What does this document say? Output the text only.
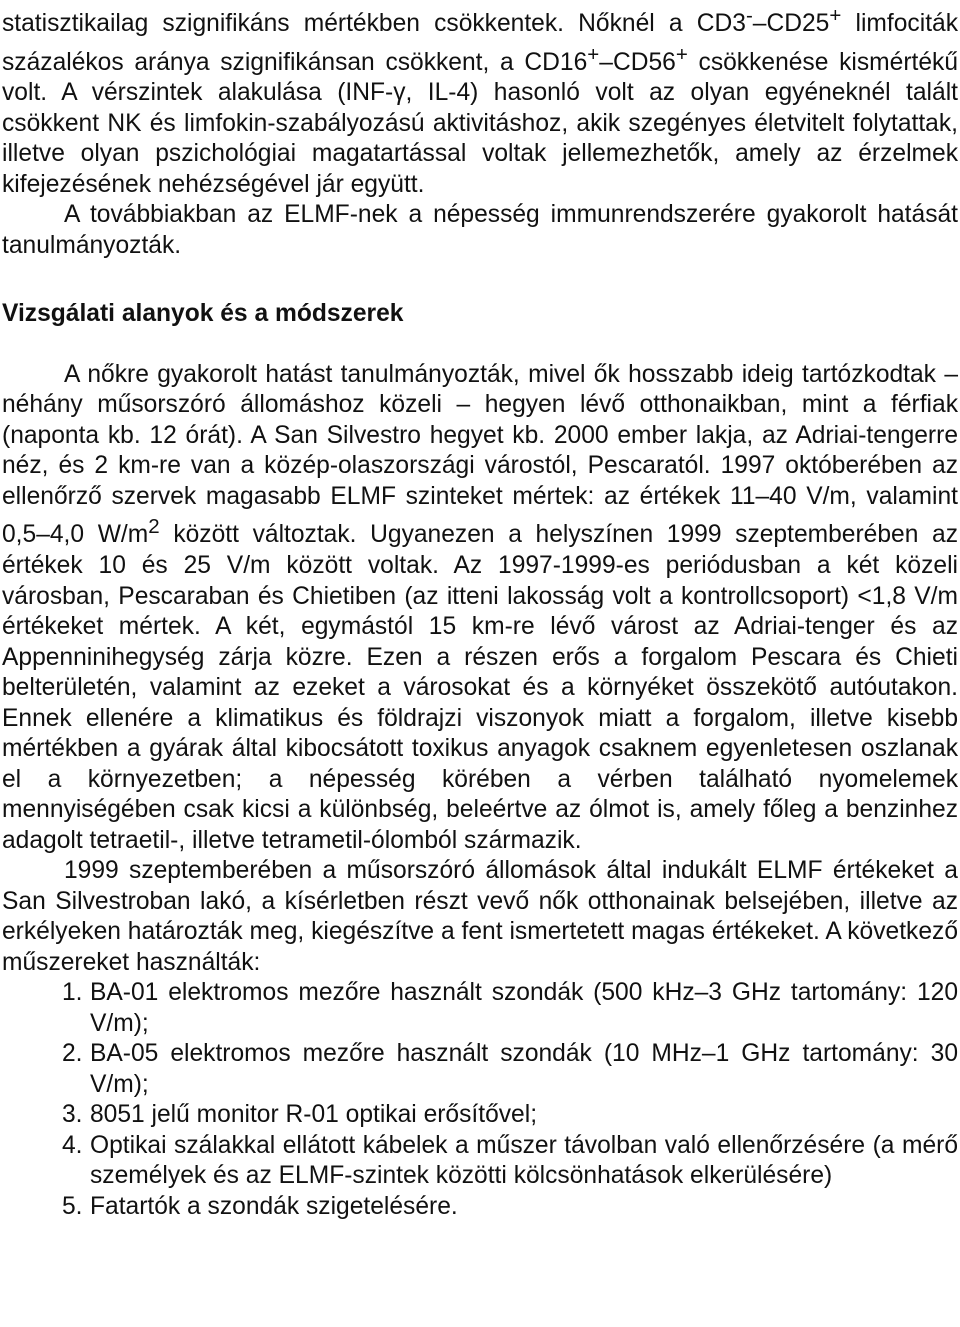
statisztikailag szignifikáns mértékben csökkentek. Nőknél a CD3-–CD25+ limfociták százalékos aránya szignifikánsan csökkent, a CD16+–CD56+ csökkenése kismértékű volt. A vérszintek alakulása (INF-γ, IL-4) hasonló volt az olyan egyéneknél talált csökkent NK és limfokin-szabályozású aktivitáshoz, akik szegényes életvitelt folytattak, illetve olyan pszichológiai magatartással voltak jellemezhetők, amely az érzelmek kifejezésének nehézségével jár együtt.

A továbbiakban az ELMF-nek a népesség immunrendszerére gyakorolt hatását tanulmányozták.

Vizsgálati alanyok és a módszerek

A nőkre gyakorolt hatást tanulmányozták, mivel ők hosszabb ideig tartózkodtak – néhány műsorszóró állomáshoz közeli – hegyen lévő otthonaikban, mint a férfiak (naponta kb. 12 órát). A San Silvestro hegyet kb. 2000 ember lakja, az Adriai-tengerre néz, és 2 km-re van a közép-olaszországi várostól, Pescaratól. 1997 októberében az ellenőrző szervek magasabb ELMF szinteket mértek: az értékek 11–40 V/m, valamint 0,5–4,0 $W/m^2$ között változtak. Ugyanezen a helyszínen 1999 szeptemberében az értékek 10 és 25 V/m között voltak. Az 1997-1999-es periódusban a két közeli városban, Pescaraban és Chietiben (az itteni lakosság volt a kontrollcsoport) <1,8 V/m értékeket mértek. A két, egymástól 15 km-re lévő várost az Adriai-tenger és az Appenninihegység zárja közre. Ezen a részen erős a forgalom Pescara és Chieti belterületén, valamint az ezeket a városokat és a környéket összekötő autóutakon. Ennek ellenére a klimatikus és földrajzi viszonyok miatt a forgalom, illetve kisebb mértékben a gyárak által kibocsátott toxikus anyagok csaknem egyenletesen oszlanak el a környezetben; a népesség körében a vérben található nyomelemek mennyiségében csak kicsi a különbség, beleértve az ólmot is, amely főleg a benzinhez adagolt tetraetil-, illetve tetrametil-ólomból származik.

1999 szeptemberében a műsorszóró állomások által indukált ELMF értékeket a San Silvestroban lakó, a kísérletben részt vevő nők otthonainak belsejében, illetve az erkélyeken határozták meg, kiegészítve a fent ismertetett magas értékeket. A következő műszereket használták:

1. BA-01 elektromos mezőre használt szondák (500 kHz–3 GHz tartomány: 120 V/m);
2. BA-05 elektromos mezőre használt szondák (10 MHz–1 GHz tartomány: 30 V/m);
3. 8051 jelű monitor R-01 optikai erősítővel;
4. Optikai szálakkal ellátott kábelek a műszer távolban való ellenőrzésére (a mérő személyek és az ELMF-szintek közötti kölcsönhatások elkerülésére)
5. Fatartók a szondák szigetelésére.
